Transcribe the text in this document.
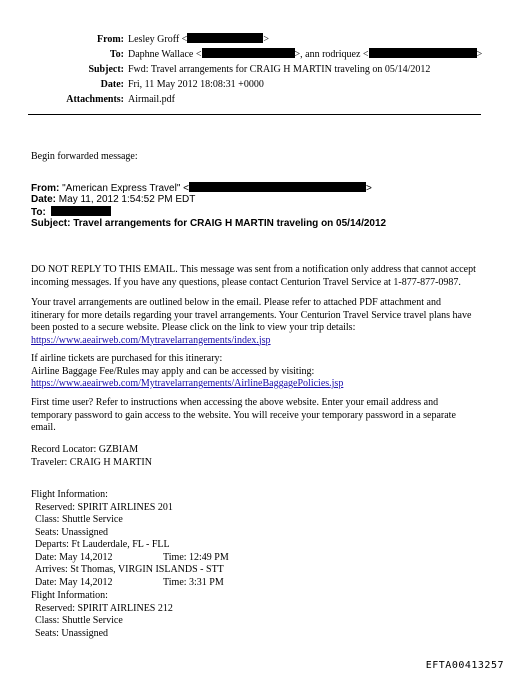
From: Lesley Groff <	>
To: Daphne Wallace <	>, ann rodriquez <	>
Subject: Fwd: Travel arrangements for CRAIG H MARTIN traveling on 05/14/2012
Date: Fri, 11 May 2012 18:08:31 +0000
Attachments: Airmail.pdf
Begin forwarded message:
From: "American Express Travel" <	>
Date: May 11, 2012 1:54:52 PM EDT
To:
Subject: Travel arrangements for CRAIG H MARTIN traveling on 05/14/2012
DO NOT REPLY TO THIS EMAIL. This message was sent from a notification only address that cannot accept
incoming messages. If you have any questions, please contact Centurion Travel Service at 1-877-877-0987.
Your travel arrangements are outlined below in the email. Please refer to attached PDF attachment and
itinerary for more details regarding your travel arrangements. Your Centurion Travel Service travel plans have
been posted to a secure website. Please click on the link to view your trip details:
https://www.aeairweb.com/Mytravelarrangements/index.jsp
If airline tickets are purchased for this itinerary:
Airline Baggage Fee/Rules may apply and can be accessed by visiting:
https://www.aeairweb.com/Mytravelarrangements/AirlineBaggagePolicies.jsp
First time user? Refer to instructions when accessing the above website. Enter your email address and
temporary password to gain access to the website. You will receive your temporary password in a separate
email.
Record Locator: GZBIAM
Traveler: CRAIG H MARTIN
Flight Information:
Reserved: SPIRIT AIRLINES 201
Class: Shuttle Service
Seats: Unassigned
Departs: Ft Lauderdale, FL - FLL
Date: May 14,2012	Time: 12:49 PM
Arrives: St Thomas, VIRGIN ISLANDS - STT
Date: May 14,2012	Time: 3:31 PM
Flight Information:
Reserved: SPIRIT AIRLINES 212
Class: Shuttle Service
Seats: Unassigned
EFTA00413257
